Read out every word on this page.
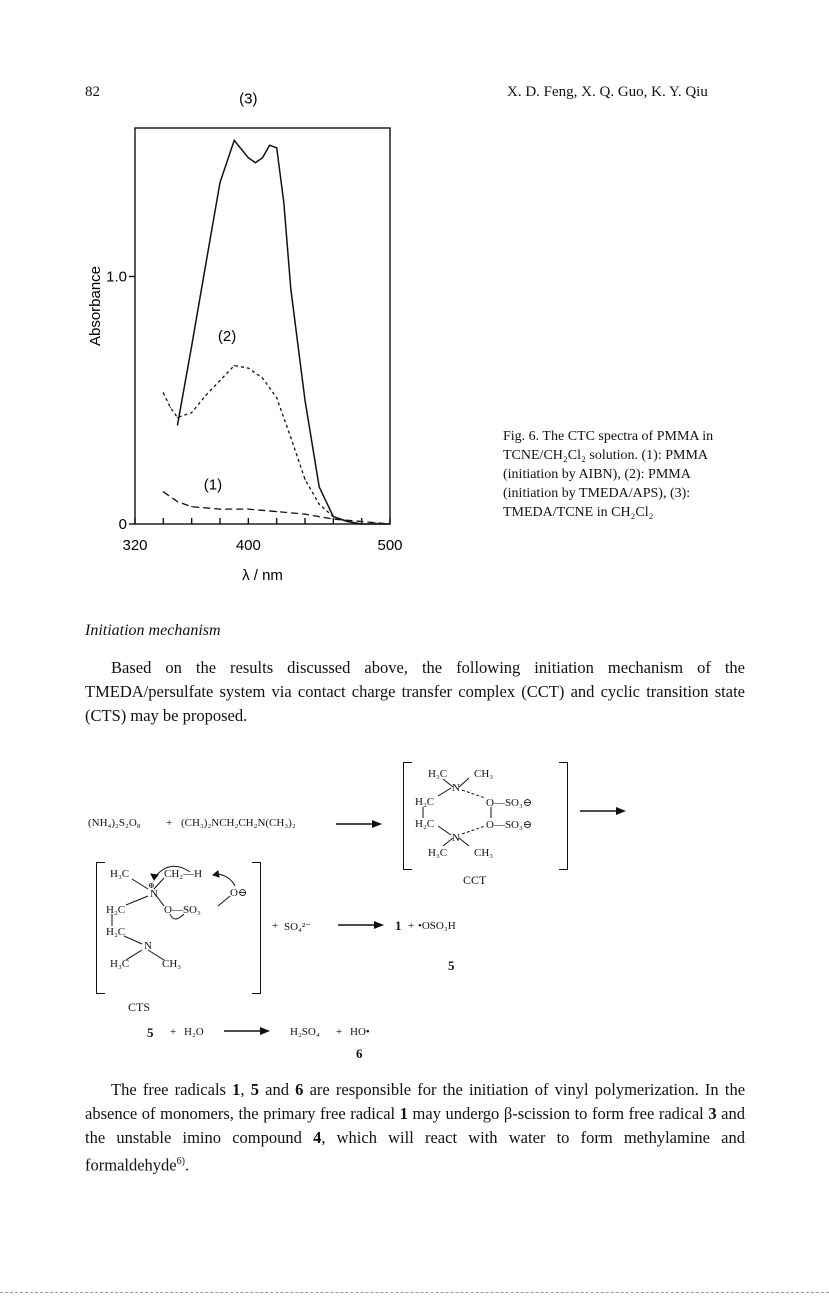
82	X. D. Feng, X. Q. Guo, K. Y. Qiu
320	400	500
0
1.0
λ / nm
Absorbance
(1)
(2)
(3)
Fig. 6. The CTC spectra of PMMA in TCNE/CH₂Cl₂ solution. (1): PMMA (initiation by AIBN), (2): PMMA (initiation by TMEDA/APS), (3): TMEDA/TCNE in CH₂Cl₂
Initiation mechanism
Based on the results discussed above, the following initiation mechanism of the TMEDA/persulfate system via contact charge transfer complex (CCT) and cyclic transition state (CTS) may be proposed.
(NH₄)₂S₂O₈ + (CH₃)₂NCH₂CH₂N(CH₃)₂
H₃C CH₃
N
H₂C	O—SO₃⊖
H₂C	O—SO₃⊖
N
H₃C CH₃
CCT
H₃C	CH₂—H
⊕
N	O⊖
H₂C	O—SO₃
H₂C
N
H₃C	CH₃
CTS
+ SO₄²⁻	1 + •OSO₃H
5
5 + H₂O	H₂SO₄ + HO•
6
The free radicals 1, 5 and 6 are responsible for the initiation of vinyl polymerization. In the absence of monomers, the primary free radical 1 may undergo β-scission to form free radical 3 and the unstable imino compound 4, which will react with water to form methylamine and formaldehyde$^{6)}$.
